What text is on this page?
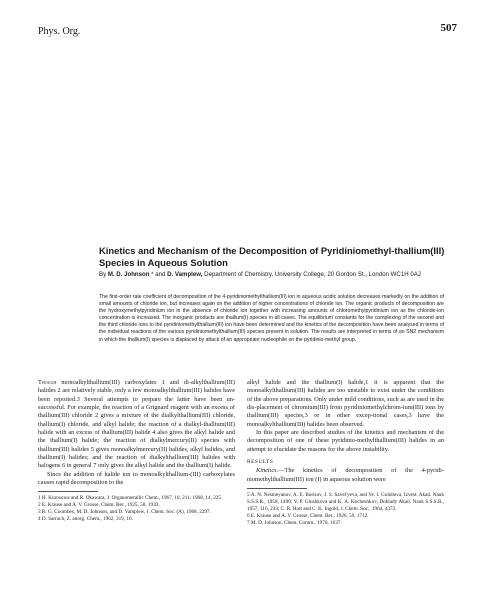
Phys. Org.	507
Kinetics and Mechanism of the Decomposition of Pyridiniomethyl-thallium(III) Species in Aqueous Solution
By M. D. Johnson * and D. Vamplew, Department of Chemistry, University College, 20 Gordon St., London WC1H 0AJ
The first-order rate coefficient of decomposition of the 4-pyridiniomethylthallium(III) ion in aqueous acidic solution decreases markedly on the addition of small amounts of chloride ion, but increases again on the addition of higher concentrations of chloride ion. The organic products of decomposition are the hydroxymethylpyridinium ion in the absence of chloride ion together with increasing amounts of chloromethylpyridinium ion as the chloride-ion concentration is increased. The inorganic products are thallium(I) species in all cases. The equilibrium constants for the complexing of the second and the third chloride ions to the pyridiniomethylthallium(III) ion have been determined and the kinetics of the decomposition have been analysed in terms of the individual reactions of the various pyridiniomethylthallium(III) species present in solution. The results are interpreted in terms of an SN2 mechanism in which the thallium(I) species is displaced by attack of an appropriate nucleophile on the pyridinio-methyl group.

Though monoalkylthallium(III) carboxylates 1 and di-alkylthallium(III) halides 2 are relatively stable, only a few monoalkylthallium(III) halides have been reported.3 Several attempts to prepare the latter have been un-successful. For example, the reaction of a Grignard reagent with an excess of thallium(III) chloride 2 gives a mixture of the dialkylthallium(III) chloride, thallium(I) chloride, and alkyl halide; the reaction of a dialkyl-thallium(III) halide with an excess of thallium(III) halide 4 also gives the alkyl halide and the thallium(I) halide; the reaction of dialkylmercury(II) species with thallium(III) halides 5 gives monoalkylmercury(II) halides, alkyl halides, and thallium(I) halides; and the reaction of dialkylthallium(III) halides with halogens 6 in general 7 only gives the alkyl halide and the thallium(I) halide.

Since the addition of halide ion to monoalkylthallium-(III) carboxylates causes rapid decomposition to the

1 H. Kurosowa and R. Okawara, J. Organometallic Chem., 1967, 10, 211; 1968, 14, 225.

2 E. Krause and A. V. Grosse, Chem. Ber., 1925, 58, 1933.

3 R. G. Coombes, M. D. Johnson, and D. Vamplew, J. Chem. Soc. (A), 1968, 2297.

4 D. Sarrach, Z. anorg. Chem., 1962, 319, 16.

alkyl halide and the thallium(I) halide,1 it is apparent that the monoalkylthallium(III) halides are too unstable to exist under the conditions of the above preparations. Only under mild conditions, such as are used in the dis-placement of chromium(III) from pyridiniomethylchrom-ium(III) ions by thallium(III) species,3 or in other excep-tional cases,3 have the monoalkylthallium(III) halides been observed.

In this paper are described studies of the kinetics and mechanism of the decomposition of one of these pyridinio-methylthallium(III) halides in an attempt to elucidate the reasons for the above instability.

RESULTS

Kinetics.—The kinetics of decomposition of the 4-pyridi-niomethylthallium(III) ion (I) in aqueous solution were

5 A. N. Nesmeyanov, A. E. Borisov, J. S. Savel'yeva, and Ye. I. Golubeva, Izvest. Akad. Nauk S.S.S.R., 1958, 1490; V. P. Glushkova and K. A. Kocheshkov, Doklady Akad. Nauk S.S.S.R., 1957, 116, 233; C. R. Hart and C. K. Ingold, J. Chem. Soc., 1964, 4372.

6 E. Krause and A. V. Grosse, Chem. Ber., 1926, 59, 1712.

7 M. D. Johnson, Chem. Comm., 1970, 1637.
